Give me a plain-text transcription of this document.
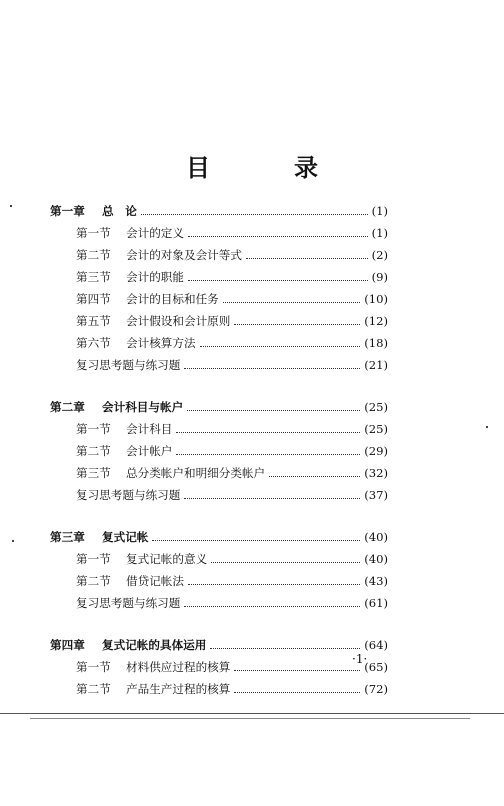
目　录
第一章	总　论	(1)
第一节	会计的定义	(1)
第二节	会计的对象及会计等式	(2)
第三节	会计的职能	(9)
第四节	会计的目标和任务	(10)
第五节	会计假设和会计原则	(12)
第六节	会计核算方法	(18)
复习思考题与练习题	(21)
第二章	会计科目与帐户	(25)
第一节	会计科目	(25)
第二节	会计帐户	(29)
第三节	总分类帐户和明细分类帐户	(32)
复习思考题与练习题	(37)
第三章	复式记帐	(40)
第一节	复式记帐的意义	(40)
第二节	借贷记帐法	(43)
复习思考题与练习题	(61)
第四章	复式记帐的具体运用	(64)
第一节	材料供应过程的核算	(65)
第二节	产品生产过程的核算	(72)
·1·
